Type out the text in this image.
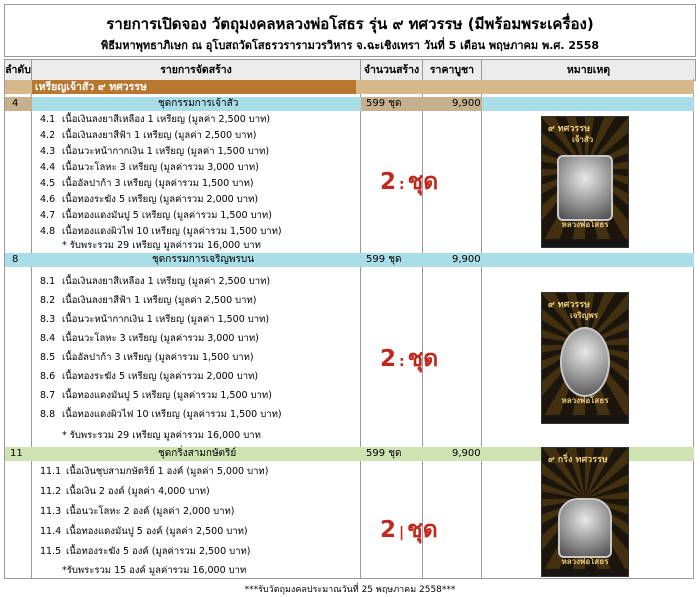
รายการเปิดจอง วัตถุมงคลหลวงพ่อโสธร รุ่น ๙ ทศวรรษ (มีพร้อมพระเครื่อง)
พิธีมหาพุทธาภิเษก ณ อุโบสถวัดโสธรวรารามวรวิหาร จ.ฉะเชิงเทรา วันที่ 5 เดือน พฤษภาคม พ.ศ. 2558
ลำดับ	รายการจัดสร้าง	จำนวนสร้าง	ราคาบูชา	หมายเหตุ
เหรียญเจ้าสัว ๙ ทศวรรษ
4	ชุดกรรมการเจ้าสัว	599 ชุด	9,900
4.1 เนื้อเงินลงยาสีเหลือง 1 เหรียญ (มูลค่า 2,500 บาท)
4.2 เนื้อเงินลงยาสีฟ้า 1 เหรียญ (มูลค่า 2,500 บาท)
4.3 เนื้อนวะหน้ากากเงิน 1 เหรียญ (มูลค่า 1,500 บาท)
4.4 เนื้อนวะโลหะ 3 เหรียญ (มูลค่ารวม 3,000 บาท)
4.5 เนื้ออัลปาก้า 3 เหรียญ (มูลค่ารวม 1,500 บาท)
4.6 เนื้อทองระฆัง 5 เหรียญ (มูลค่ารวม 2,000 บาท)
4.7 เนื้อทองแดงมันปู 5 เหรียญ (มูลค่ารวม 1,500 บาท)
4.8 เนื้อทองแดงผิวไฟ 10 เหรียญ (มูลค่ารวม 1,500 บาท)
* รับพระรวม 29 เหรียญ มูลค่ารวม 16,000 บาท
2 : ชุด
๙ ทศวรรษ
เจ้าสัว
หลวงพ่อโสธร
8	ชุดกรรมการเจริญพรบน	599 ชุด	9,900
8.1 เนื้อเงินลงยาสีเหลือง 1 เหรียญ (มูลค่า 2,500 บาท)
8.2 เนื้อเงินลงยาสีฟ้า 1 เหรียญ (มูลค่า 2,500 บาท)
8.3 เนื้อนวะหน้ากากเงิน 1 เหรียญ (มูลค่า 1,500 บาท)
8.4 เนื้อนวะโลหะ 3 เหรียญ (มูลค่ารวม 3,000 บาท)
8.5 เนื้ออัลปาก้า 3 เหรียญ (มูลค่ารวม 1,500 บาท)
8.6 เนื้อทองระฆัง 5 เหรียญ (มูลค่ารวม 2,000 บาท)
8.7 เนื้อทองแดงมันปู 5 เหรียญ (มูลค่ารวม 1,500 บาท)
8.8 เนื้อทองแดงผิวไฟ 10 เหรียญ (มูลค่ารวม 1,500 บาท)
* รับพระรวม 29 เหรียญ มูลค่ารวม 16,000 บาท
2 : ชุด
๙ ทศวรรษ
เจริญพร
หลวงพ่อโสธร
11	ชุดกริ่งสามกษัตริย์	599 ชุด	9,900
11.1 เนื้อเงินชุบสามกษัตริย์ 1 องค์ (มูลค่า 5,000 บาท)
11.2 เนื้อเงิน 2 องค์ (มูลค่า 4,000 บาท)
11.3 เนื้อนวะโลหะ 2 องค์ (มูลค่า 2,000 บาท)
11.4 เนื้อทองแดงมันปู 5 องค์ (มูลค่า 2,500 บาท)
11.5 เนื้อทองระฆัง 5 องค์ (มูลค่ารวม 2,500 บาท)
*รับพระรวม 15 องค์ มูลค่ารวม 16,000 บาท
2 | ชุด
๙ กริ่ง ทศวรรษ
หลวงพ่อโสธร
***รับวัตถุมงคลประมาณวันที่ 25 พฤษภาคม 2558***
